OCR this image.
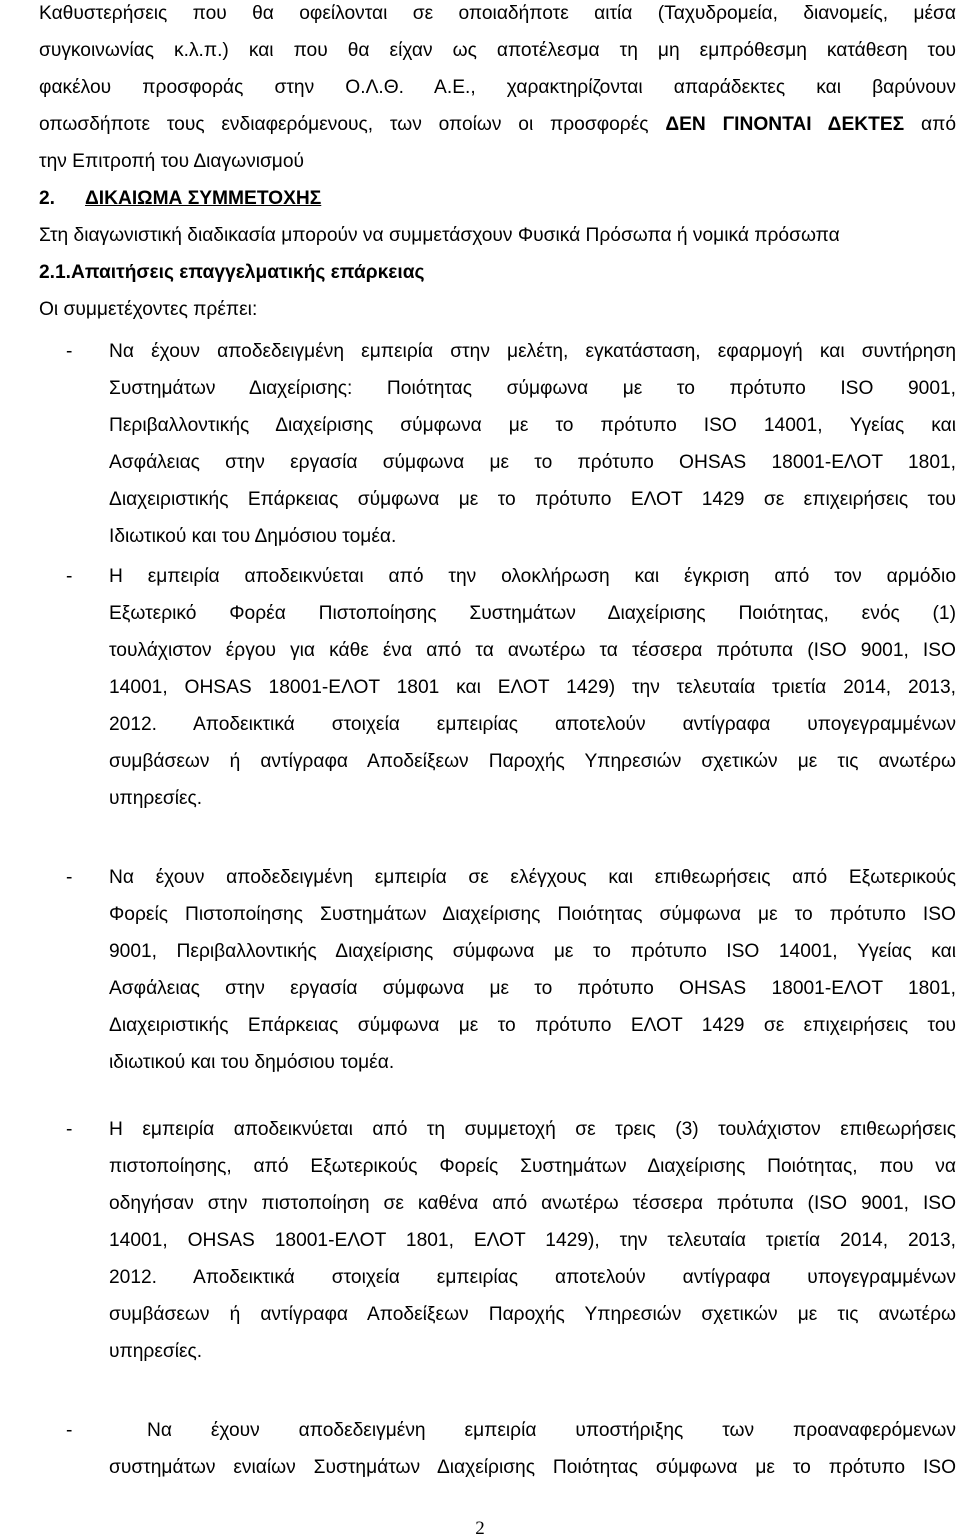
Καθυστερήσεις που θα οφείλονται σε οποιαδήποτε αιτία (Ταχυδρομεία, διανομείς, μέσα
συγκοινωνίας κ.λ.π.) και που θα είχαν ως αποτέλεσμα τη μη εμπρόθεσμη κατάθεση του
φακέλου προσφοράς στην Ο.Λ.Θ. Α.Ε., χαρακτηρίζονται απαράδεκτες και βαρύνουν
οπωσδήποτε τους ενδιαφερόμενους, των οποίων οι προσφορές ΔΕΝ ΓΙΝΟΝΤΑΙ ΔΕΚΤΕΣ από
την Επιτροπή του Διαγωνισμού
2. ΔΙΚΑΙΩΜΑ ΣΥΜΜΕΤΟΧΗΣ
Στη διαγωνιστική διαδικασία μπορούν να συμμετάσχουν Φυσικά Πρόσωπα ή νομικά πρόσωπα
2.1.Απαιτήσεις επαγγελματικής επάρκειας
Οι συμμετέχοντες πρέπει:
- Να έχουν αποδεδειγμένη εμπειρία στην μελέτη, εγκατάσταση, εφαρμογή και συντήρηση
Συστημάτων Διαχείρισης: Ποιότητας σύμφωνα με το πρότυπο ISO 9001,
Περιβαλλοντικής Διαχείρισης σύμφωνα με το πρότυπο ISO 14001, Υγείας και
Ασφάλειας στην εργασία σύμφωνα με το πρότυπο OHSAS 18001-ΕΛΟΤ 1801,
Διαχειριστικής Επάρκειας σύμφωνα με το πρότυπο ΕΛΟΤ 1429 σε επιχειρήσεις του
Ιδιωτικού και του Δημόσιου τομέα.
- Η εμπειρία αποδεικνύεται από την ολοκλήρωση και έγκριση από τον αρμόδιο
Εξωτερικό Φορέα Πιστοποίησης Συστημάτων Διαχείρισης Ποιότητας, ενός (1)
τουλάχιστον έργου για κάθε ένα από τα ανωτέρω τα τέσσερα πρότυπα (ISO 9001, ISO
14001, OHSAS 18001-ΕΛΟΤ 1801 και ΕΛΟΤ 1429) την τελευταία τριετία 2014, 2013,
2012. Αποδεικτικά στοιχεία εμπειρίας αποτελούν αντίγραφα υπογεγραμμένων
συμβάσεων ή αντίγραφα Αποδείξεων Παροχής Υπηρεσιών σχετικών με τις ανωτέρω
υπηρεσίες.
- Να έχουν αποδεδειγμένη εμπειρία σε ελέγχους και επιθεωρήσεις από Εξωτερικούς
Φορείς Πιστοποίησης Συστημάτων Διαχείρισης Ποιότητας σύμφωνα με το πρότυπο ISO
9001, Περιβαλλοντικής Διαχείρισης σύμφωνα με το πρότυπο ISO 14001, Υγείας και
Ασφάλειας στην εργασία σύμφωνα με το πρότυπο OHSAS 18001-ΕΛΟΤ 1801,
Διαχειριστικής Επάρκειας σύμφωνα με το πρότυπο ΕΛΟΤ 1429 σε επιχειρήσεις του
ιδιωτικού και του δημόσιου τομέα.
- Η εμπειρία αποδεικνύεται από τη συμμετοχή σε τρεις (3) τουλάχιστον επιθεωρήσεις
πιστοποίησης, από Εξωτερικούς Φορείς Συστημάτων Διαχείρισης Ποιότητας, που να
οδηγήσαν στην πιστοποίηση σε καθένα από ανωτέρω τέσσερα πρότυπα (ISO 9001, ISO
14001, OHSAS 18001-ΕΛΟΤ 1801, ΕΛΟΤ 1429), την τελευταία τριετία 2014, 2013,
2012. Αποδεικτικά στοιχεία εμπειρίας αποτελούν αντίγραφα υπογεγραμμένων
συμβάσεων ή αντίγραφα Αποδείξεων Παροχής Υπηρεσιών σχετικών με τις ανωτέρω
υπηρεσίες.
-	Να έχουν αποδεδειγμένη εμπειρία υποστήριξης των προαναφερόμενων
συστημάτων ενιαίων Συστημάτων Διαχείρισης Ποιότητας σύμφωνα με το πρότυπο ISO
2
